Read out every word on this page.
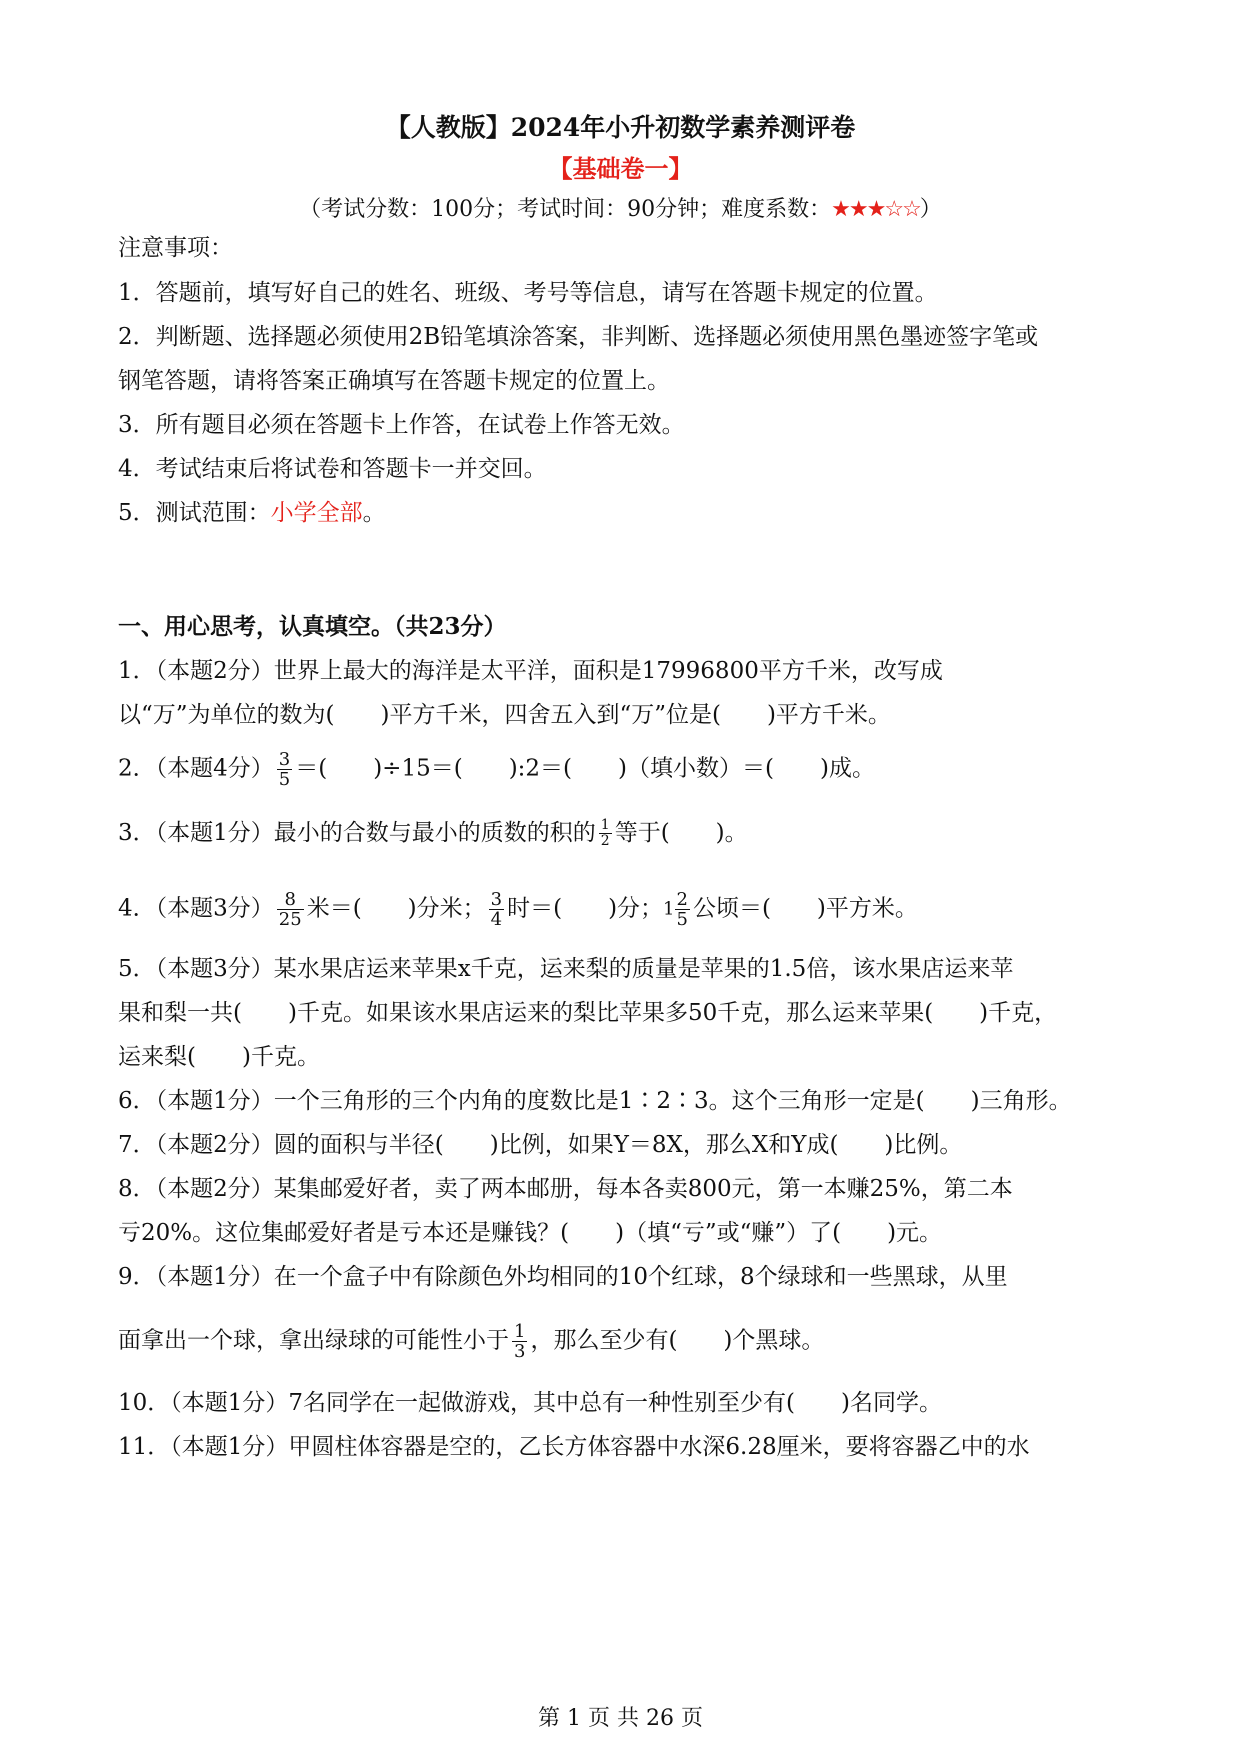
【人教版】2024年小升初数学素养测评卷
【基础卷一】
（考试分数：100分；考试时间：90分钟；难度系数：★★★☆☆）
注意事项：
1．答题前，填写好自己的姓名、班级、考号等信息，请写在答题卡规定的位置。
2．判断题、选择题必须使用2B铅笔填涂答案，非判断、选择题必须使用黑色墨迹签字笔或
钢笔答题，请将答案正确填写在答题卡规定的位置上。
3．所有题目必须在答题卡上作答，在试卷上作答无效。
4．考试结束后将试卷和答题卡一并交回。
5．测试范围：小学全部。
一、用心思考，认真填空。（共23分）
1．（本题2分）世界上最大的海洋是太平洋，面积是17996800平方千米，改写成
以“万”为单位的数为(　　)平方千米，四舍五入到“万”位是(　　)平方千米。
2．（本题4分） $\frac{3}{5}$ ＝(　　)÷15＝(　　):2＝(　　)（填小数）＝(　　)成。
3．（本题1分）最小的合数与最小的质数的积的 $\frac{1}{2}$ 等于(　　)。
4．（本题3分） $\frac{8}{25}$ 米＝(　　)分米； $\frac{3}{4}$ 时＝(　　)分；$1 \frac{2}{5}$ 公顷＝(　　)平方米。
5．（本题3分）某水果店运来苹果x千克，运来梨的质量是苹果的1.5倍，该水果店运来苹
果和梨一共(　　)千克。如果该水果店运来的梨比苹果多50千克，那么运来苹果(　　)千克，
运来梨(　　)千克。
6．（本题1分）一个三角形的三个内角的度数比是1∶2∶3。这个三角形一定是(　　)三角形。
7．（本题2分）圆的面积与半径(　　)比例，如果Y＝8X，那么X和Y成(　　)比例。
8．（本题2分）某集邮爱好者，卖了两本邮册，每本各卖800元，第一本赚25%，第二本
亏20%。这位集邮爱好者是亏本还是赚钱？(　　)（填“亏”或“赚”）了(　　)元。
9．（本题1分）在一个盒子中有除颜色外均相同的10个红球，8个绿球和一些黑球，从里
面拿出一个球，拿出绿球的可能性小于 $\frac{1}{3}$ ，那么至少有(　　)个黑球。
10．（本题1分）7名同学在一起做游戏，其中总有一种性别至少有(　　)名同学。
11．（本题1分）甲圆柱体容器是空的，乙长方体容器中水深6.28厘米，要将容器乙中的水
第 1 页 共 26 页
